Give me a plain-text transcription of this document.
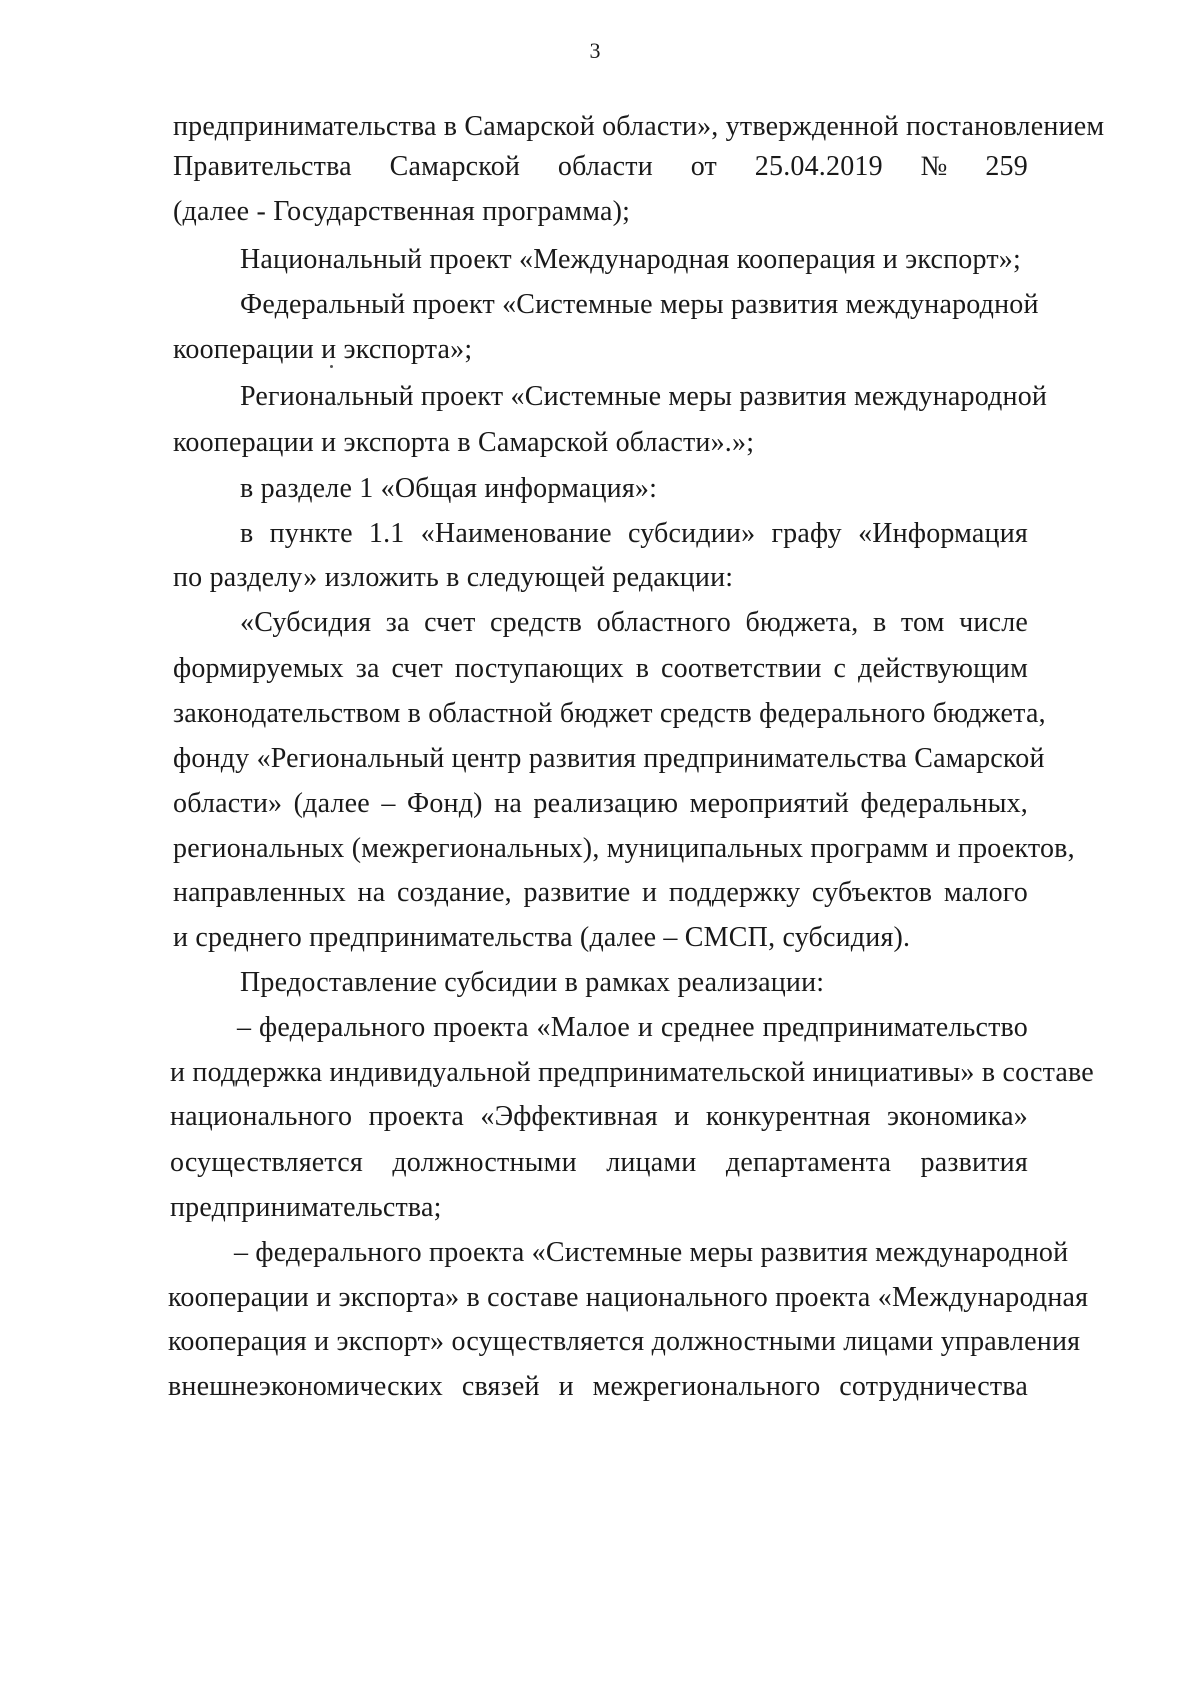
3
предпринимательства в Самарской области», утвержденной постановлением
Правительства Самарской области от 25.04.2019 № 259
(далее - Государственная программа);
Национальный проект «Международная кооперация и экспорт»;
Федеральный проект «Системные меры развития международной
кооперации и экспорта»;
Региональный проект «Системные меры развития международной
кооперации и экспорта в Самарской области».»;
в разделе 1 «Общая информация»:
в пункте 1.1 «Наименование субсидии» графу «Информация
по разделу» изложить в следующей редакции:
«Субсидия за счет средств областного бюджета, в том числе
формируемых за счет поступающих в соответствии с действующим
законодательством в областной бюджет средств федерального бюджета,
фонду «Региональный центр развития предпринимательства Самарской
области» (далее – Фонд) на реализацию мероприятий федеральных,
региональных (межрегиональных), муниципальных программ и проектов,
направленных на создание, развитие и поддержку субъектов малого
и среднего предпринимательства (далее – СМСП, субсидия).
Предоставление субсидии в рамках реализации:
– федерального проекта «Малое и среднее предпринимательство
и поддержка индивидуальной предпринимательской инициативы» в составе
национального проекта «Эффективная и конкурентная экономика»
осуществляется должностными лицами департамента развития
предпринимательства;
– федерального проекта «Системные меры развития международной
кооперации и экспорта» в составе национального проекта «Международная
кооперация и экспорт» осуществляется должностными лицами управления
внешнеэкономических связей и межрегионального сотрудничества
